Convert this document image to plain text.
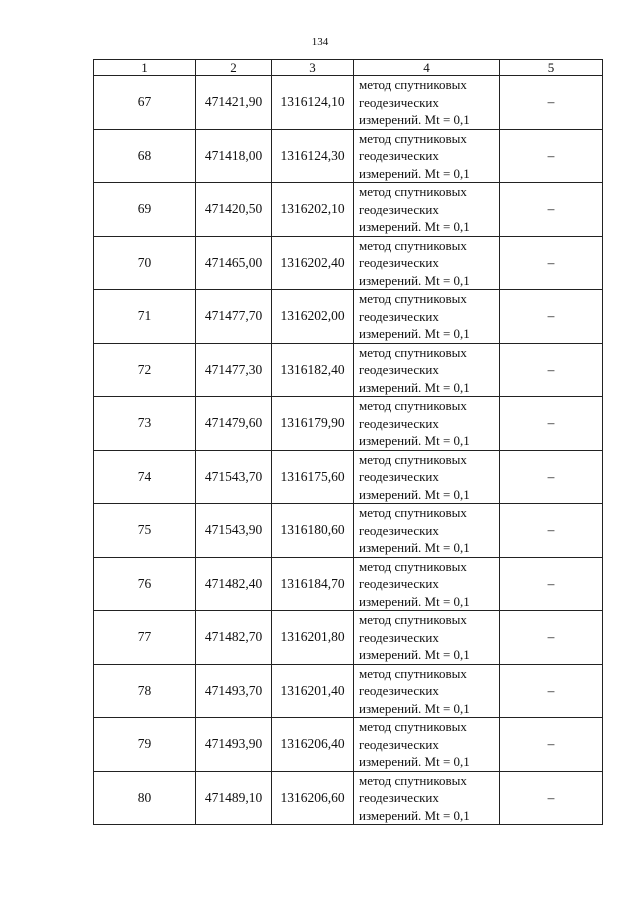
134
1	2	3	4	5
67	471421,90	1316124,10	метод спутниковых
геодезических
измерений. Mt = 0,1	–
68	471418,00	1316124,30	метод спутниковых
геодезических
измерений. Mt = 0,1	–
69	471420,50	1316202,10	метод спутниковых
геодезических
измерений. Mt = 0,1	–
70	471465,00	1316202,40	метод спутниковых
геодезических
измерений. Mt = 0,1	–
71	471477,70	1316202,00	метод спутниковых
геодезических
измерений. Mt = 0,1	–
72	471477,30	1316182,40	метод спутниковых
геодезических
измерений. Mt = 0,1	–
73	471479,60	1316179,90	метод спутниковых
геодезических
измерений. Mt = 0,1	–
74	471543,70	1316175,60	метод спутниковых
геодезических
измерений. Mt = 0,1	–
75	471543,90	1316180,60	метод спутниковых
геодезических
измерений. Mt = 0,1	–
76	471482,40	1316184,70	метод спутниковых
геодезических
измерений. Mt = 0,1	–
77	471482,70	1316201,80	метод спутниковых
геодезических
измерений. Mt = 0,1	–
78	471493,70	1316201,40	метод спутниковых
геодезических
измерений. Mt = 0,1	–
79	471493,90	1316206,40	метод спутниковых
геодезических
измерений. Mt = 0,1	–
80	471489,10	1316206,60	метод спутниковых
геодезических
измерений. Mt = 0,1	–
